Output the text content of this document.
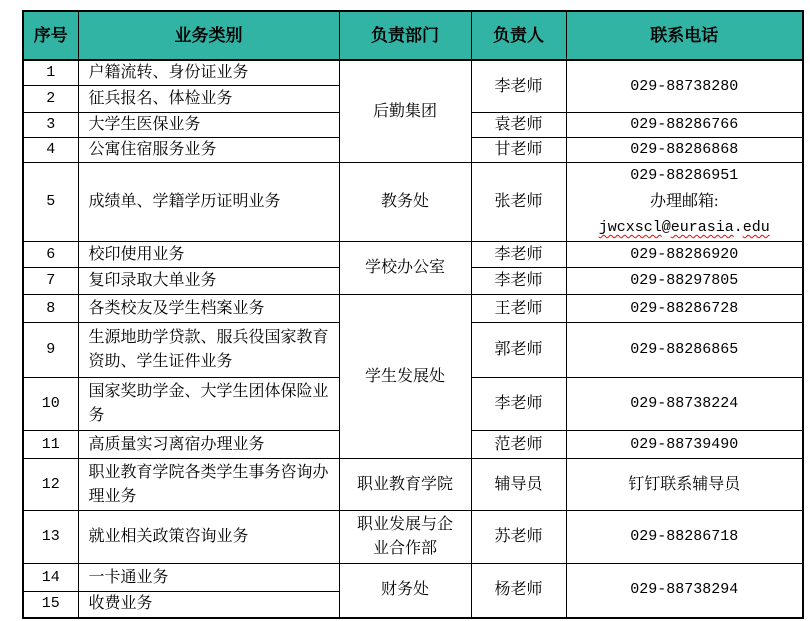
序号	业务类别	负责部门	负责人	联系电话
1	户籍流转、身份证业务	后勤集团	李老师	029-88738280
2	征兵报名、体检业务			
3	大学生医保业务		袁老师	029-88286766
4	公寓住宿服务业务		甘老师	029-88286868
5	成绩单、学籍学历证明业务	教务处	张老师	029-88286951
办理邮箱:
jwcxscl@eurasia.edu

6	校印使用业务	学校办公室	李老师	029-88286920
7	复印录取大单业务		李老师	029-88297805
8	各类校友及学生档案业务	学生发展处	王老师	029-88286728
9	生源地助学贷款、服兵役国家教育资助、学生证件业务		郭老师	029-88286865
10	国家奖助学金、大学生团体保险业务		李老师	029-88738224
11	高质量实习离宿办理业务		范老师	029-88739490
12	职业教育学院各类学生事务咨询办理业务	职业教育学院	辅导员	钉钉联系辅导员
13	就业相关政策咨询业务	职业发展与企业合作部	苏老师	029-88286718
14	一卡通业务	财务处	杨老师	029-88738294
15	收费业务			
